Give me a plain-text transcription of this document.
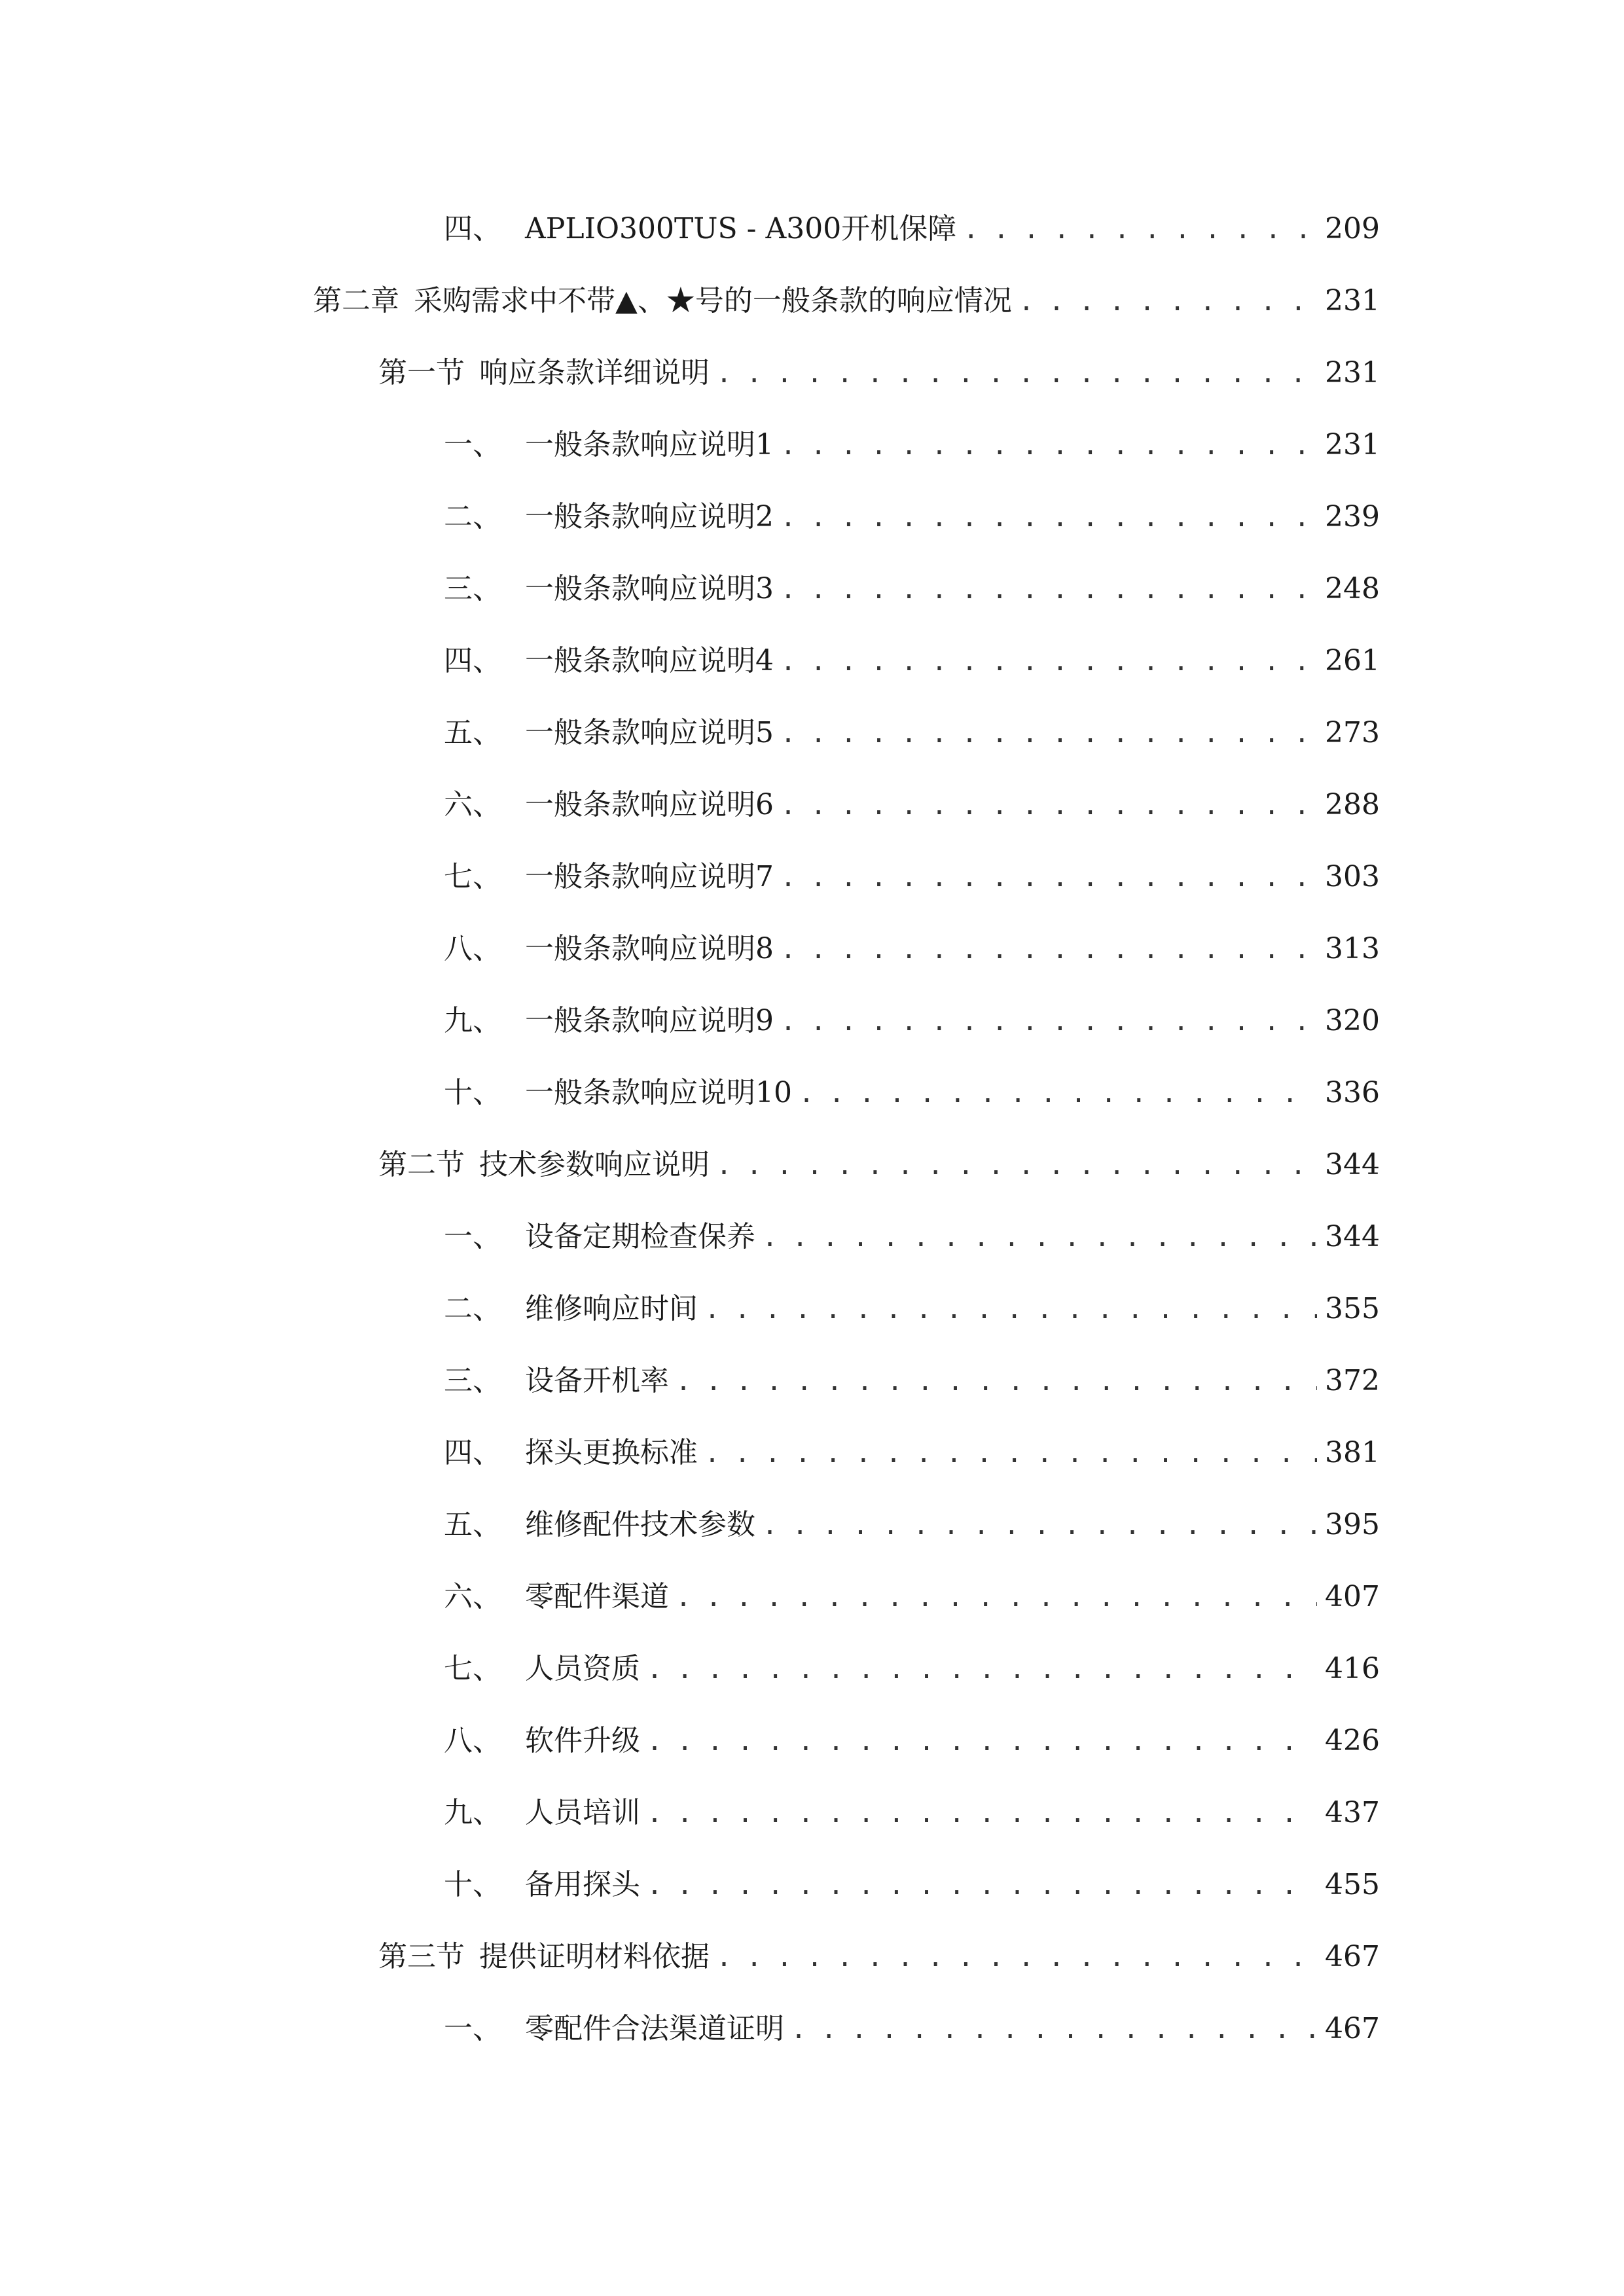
四、 APLIO300TUS - A300开机保障 . . .	209
第二章 采购需求中不带▲、★号的一般条款的响应情况 . . .	231
第一节 响应条款详细说明 . . .	231
一、 一般条款响应说明1 . . .	231
二、 一般条款响应说明2 . . .	239
三、 一般条款响应说明3 . . .	248
四、 一般条款响应说明4 . . .	261
五、 一般条款响应说明5 . . .	273
六、 一般条款响应说明6 . . .	288
七、 一般条款响应说明7 . . .	303
八、 一般条款响应说明8 . . .	313
九、 一般条款响应说明9 . . .	320
十、 一般条款响应说明10 . . .	336
第二节 技术参数响应说明 . . .	344
一、 设备定期检查保养 . . .	344
二、 维修响应时间 . . .	355
三、 设备开机率 . . .	372
四、 探头更换标准 . . .	381
五、 维修配件技术参数 . . .	395
六、 零配件渠道 . . .	407
七、 人员资质 . . .	416
八、 软件升级 . . .	426
九、 人员培训 . . .	437
十、 备用探头 . . .	455
第三节 提供证明材料依据 . . .	467
一、 零配件合法渠道证明 . . .	467
